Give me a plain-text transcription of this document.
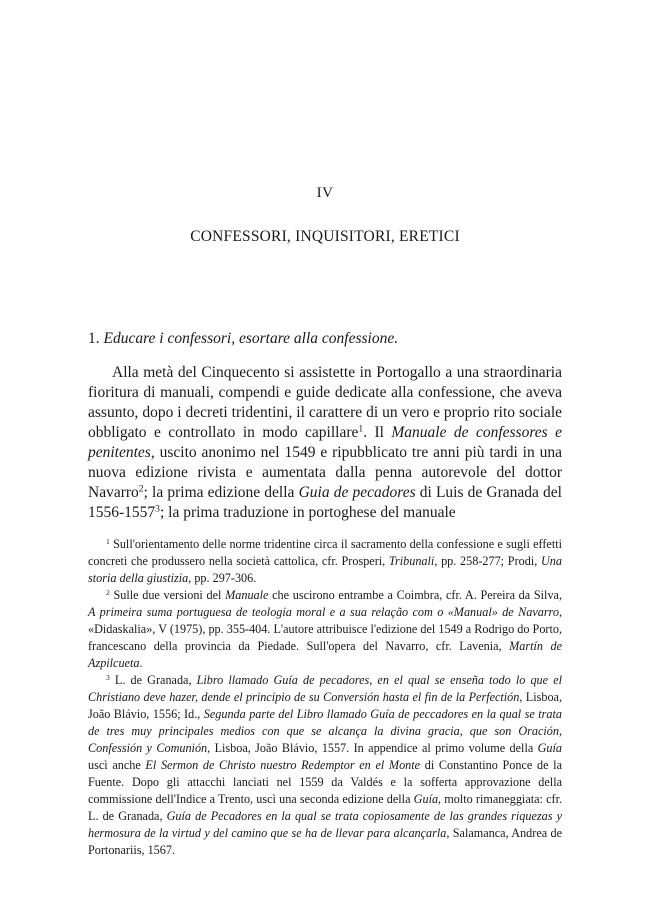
IV
CONFESSORI, INQUISITORI, ERETICI
1. Educare i confessori, esortare alla confessione.

Alla metà del Cinquecento si assistette in Portogallo a una straordinaria fioritura di manuali, compendi e guide dedicate alla confessione, che aveva assunto, dopo i decreti tridentini, il carattere di un vero e proprio rito sociale obbligato e controllato in modo capillare$^1$. Il Manuale de confessores e penitentes, uscito anonimo nel 1549 e ripubblicato tre anni più tardi in una nuova edizione rivista e aumentata dalla penna autorevole del dottor Navarro$^2$; la prima edizione della Guia de pecadores di Luis de Granada del 1556-1557$^3$; la prima traduzione in portoghese del manuale

$^1$ Sull'orientamento delle norme tridentine circa il sacramento della confessione e sugli effetti concreti che produssero nella società cattolica, cfr. Prosperi, Tribunali, pp. 258-277; Prodi, Una storia della giustizia, pp. 297-306.

$^2$ Sulle due versioni del Manuale che uscirono entrambe a Coimbra, cfr. A. Pereira da Silva, A primeira suma portuguesa de teologia moral e a sua relação com o «Manual» de Navarro, «Didaskalia», V (1975), pp. 355-404. L'autore attribuisce l'edizione del 1549 a Rodrigo do Porto, francescano della provincia da Piedade. Sull'opera del Navarro, cfr. Lavenia, Martín de Azpilcueta.

$^3$ L. de Granada, Libro llamado Guía de pecadores, en el qual se enseña todo lo que el Christiano deve hazer, dende el principio de su Conversión hasta el fin de la Perfectión, Lisboa, João Blávio, 1556; Id., Segunda parte del Libro llamado Guía de peccadores en la qual se trata de tres muy principales medios con que se alcança la divina gracia, que son Oración, Confessión y Comunión, Lisboa, João Blávio, 1557. In appendice al primo volume della Guía uscì anche El Sermon de Christo nuestro Redemptor en el Monte di Constantino Ponce de la Fuente. Dopo gli attacchi lanciati nel 1559 da Valdés e la sofferta approvazione della commissione dell'Indice a Trento, uscì una seconda edizione della Guía, molto rimaneggiata: cfr. L. de Granada, Guía de Pecadores en la qual se trata copiosamente de las grandes riquezas y hermosura de la virtud y del camino que se ha de llevar para alcançarla, Salamanca, Andrea de Portonariis, 1567.
